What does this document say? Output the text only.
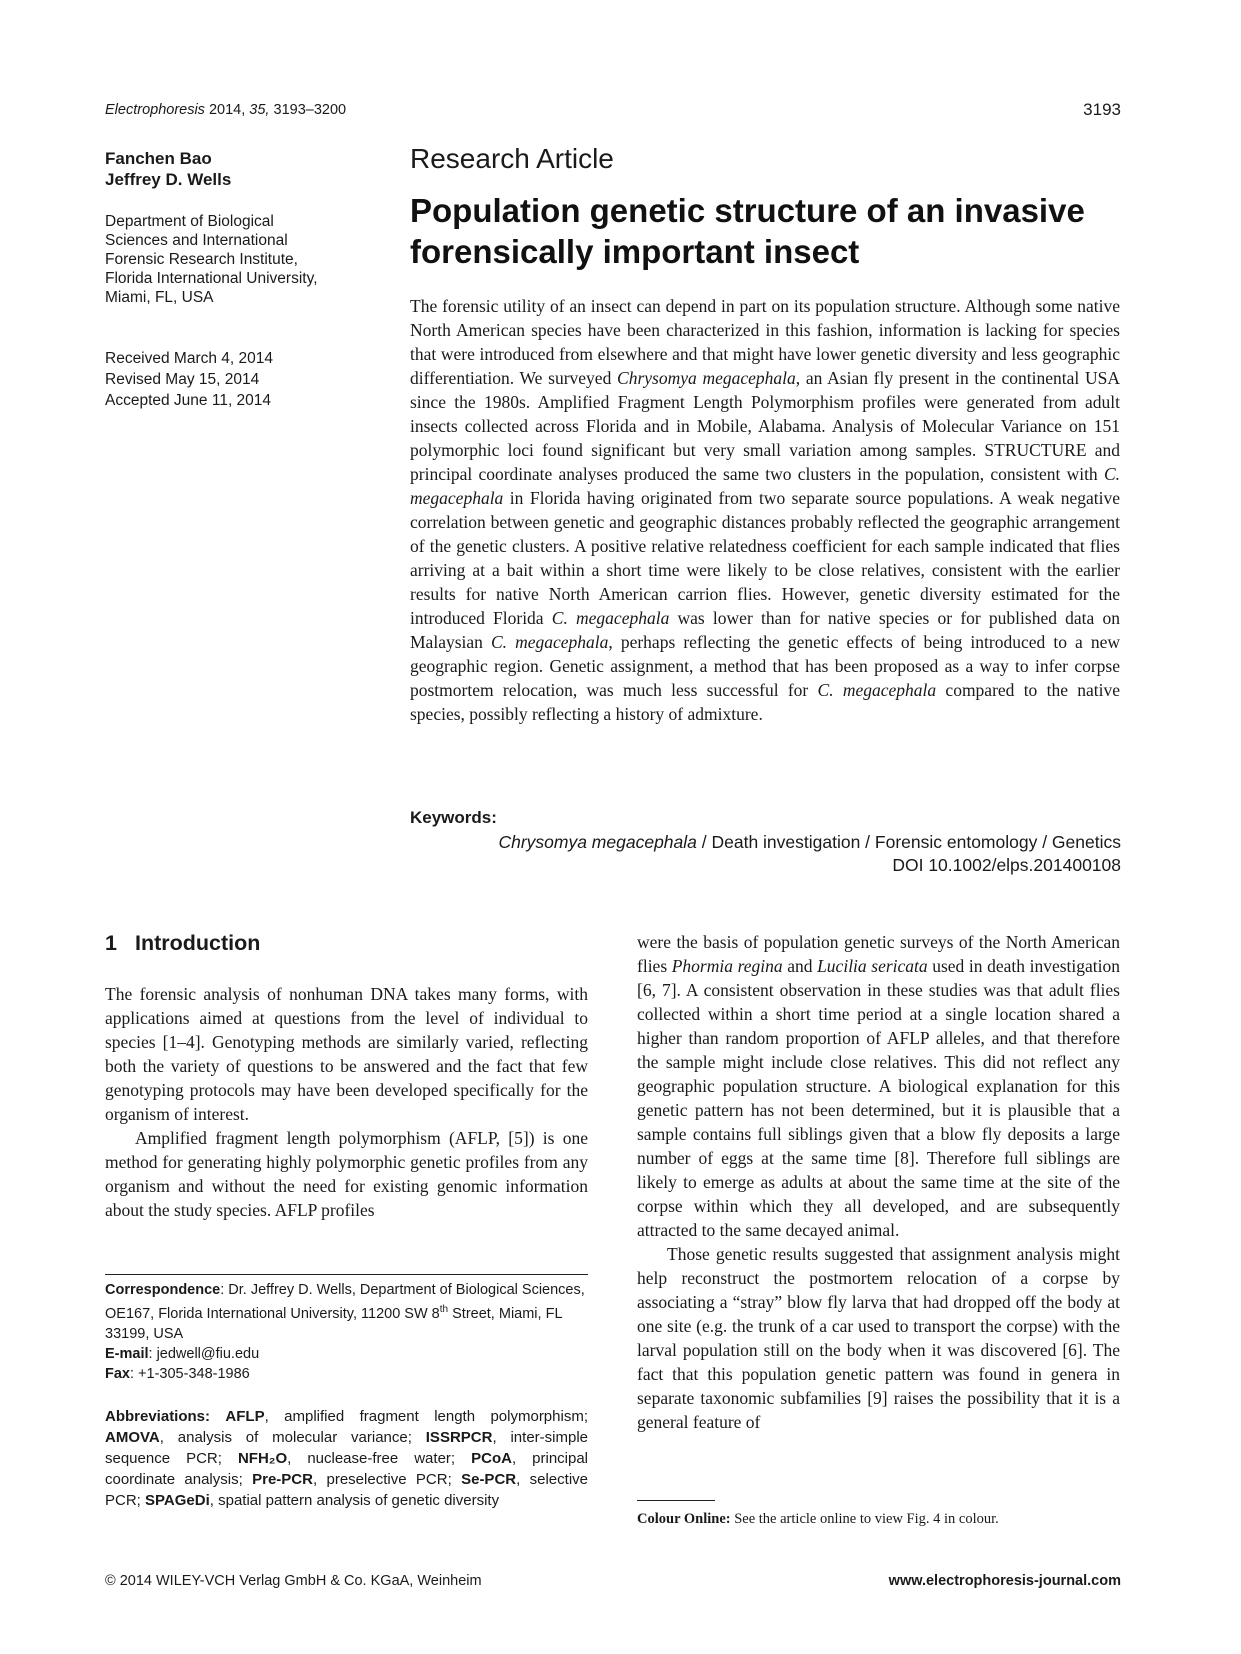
Electrophoresis 2014, 35, 3193–3200	3193
Fanchen Bao
Jeffrey D. Wells
Department of Biological
Sciences and International
Forensic Research Institute,
Florida International University,
Miami, FL, USA
Received March 4, 2014
Revised May 15, 2014
Accepted June 11, 2014
Research Article
Population genetic structure of an invasive
forensically important insect

The forensic utility of an insect can depend in part on its population structure. Although some native North American species have been characterized in this fashion, information is lacking for species that were introduced from elsewhere and that might have lower genetic diversity and less geographic differentiation. We surveyed Chrysomya megacephala, an Asian fly present in the continental USA since the 1980s. Amplified Fragment Length Polymorphism profiles were generated from adult insects collected across Florida and in Mobile, Alabama. Analysis of Molecular Variance on 151 polymorphic loci found significant but very small variation among samples. STRUCTURE and principal coordinate analyses produced the same two clusters in the population, consistent with C. megacephala in Florida having originated from two separate source populations. A weak negative correlation between genetic and geographic distances probably reflected the geographic arrangement of the genetic clusters. A positive relative relatedness coefficient for each sample indicated that flies arriving at a bait within a short time were likely to be close relatives, consistent with the earlier results for native North American carrion flies. However, genetic diversity estimated for the introduced Florida C. megacephala was lower than for native species or for published data on Malaysian C. megacephala, perhaps reflecting the genetic effects of being introduced to a new geographic region. Genetic assignment, a method that has been proposed as a way to infer corpse postmortem relocation, was much less successful for C. megacephala compared to the native species, possibly reflecting a history of admixture.

Keywords:
Chrysomya megacephala / Death investigation / Forensic entomology / Genetics
DOI 10.1002/elps.201400108
1 Introduction

The forensic analysis of nonhuman DNA takes many forms, with applications aimed at questions from the level of individual to species [1–4]. Genotyping methods are similarly varied, reflecting both the variety of questions to be answered and the fact that few genotyping protocols may have been developed specifically for the organism of interest.

Amplified fragment length polymorphism (AFLP, [5]) is one method for generating highly polymorphic genetic profiles from any organism and without the need for existing genomic information about the study species. AFLP profiles

were the basis of population genetic surveys of the North American flies Phormia regina and Lucilia sericata used in death investigation [6, 7]. A consistent observation in these studies was that adult flies collected within a short time period at a single location shared a higher than random proportion of AFLP alleles, and that therefore the sample might include close relatives. This did not reflect any geographic population structure. A biological explanation for this genetic pattern has not been determined, but it is plausible that a sample contains full siblings given that a blow fly deposits a large number of eggs at the same time [8]. Therefore full siblings are likely to emerge as adults at about the same time at the site of the corpse within which they all developed, and are subsequently attracted to the same decayed animal.

Those genetic results suggested that assignment analysis might help reconstruct the postmortem relocation of a corpse by associating a “stray” blow fly larva that had dropped off the body at one site (e.g. the trunk of a car used to transport the corpse) with the larval population still on the body when it was discovered [6]. The fact that this population genetic pattern was found in genera in separate taxonomic subfamilies [9] raises the possibility that it is a general feature of

Correspondence: Dr. Jeffrey D. Wells, Department of Biological Sciences, OE167, Florida International University, 11200 SW 8th Street, Miami, FL 33199, USA
E-mail: jedwell@fiu.edu
Fax: +1-305-348-1986
Abbreviations: AFLP, amplified fragment length polymorphism; AMOVA, analysis of molecular variance; ISSRPCR, inter-simple sequence PCR; NFH₂O, nuclease-free water; PCoA, principal coordinate analysis; Pre-PCR, preselective PCR; Se-PCR, selective PCR; SPAGeDi, spatial pattern analysis of genetic diversity
Colour Online: See the article online to view Fig. 4 in colour.
© 2014 WILEY-VCH Verlag GmbH & Co. KGaA, Weinheim	www.electrophoresis-journal.com
